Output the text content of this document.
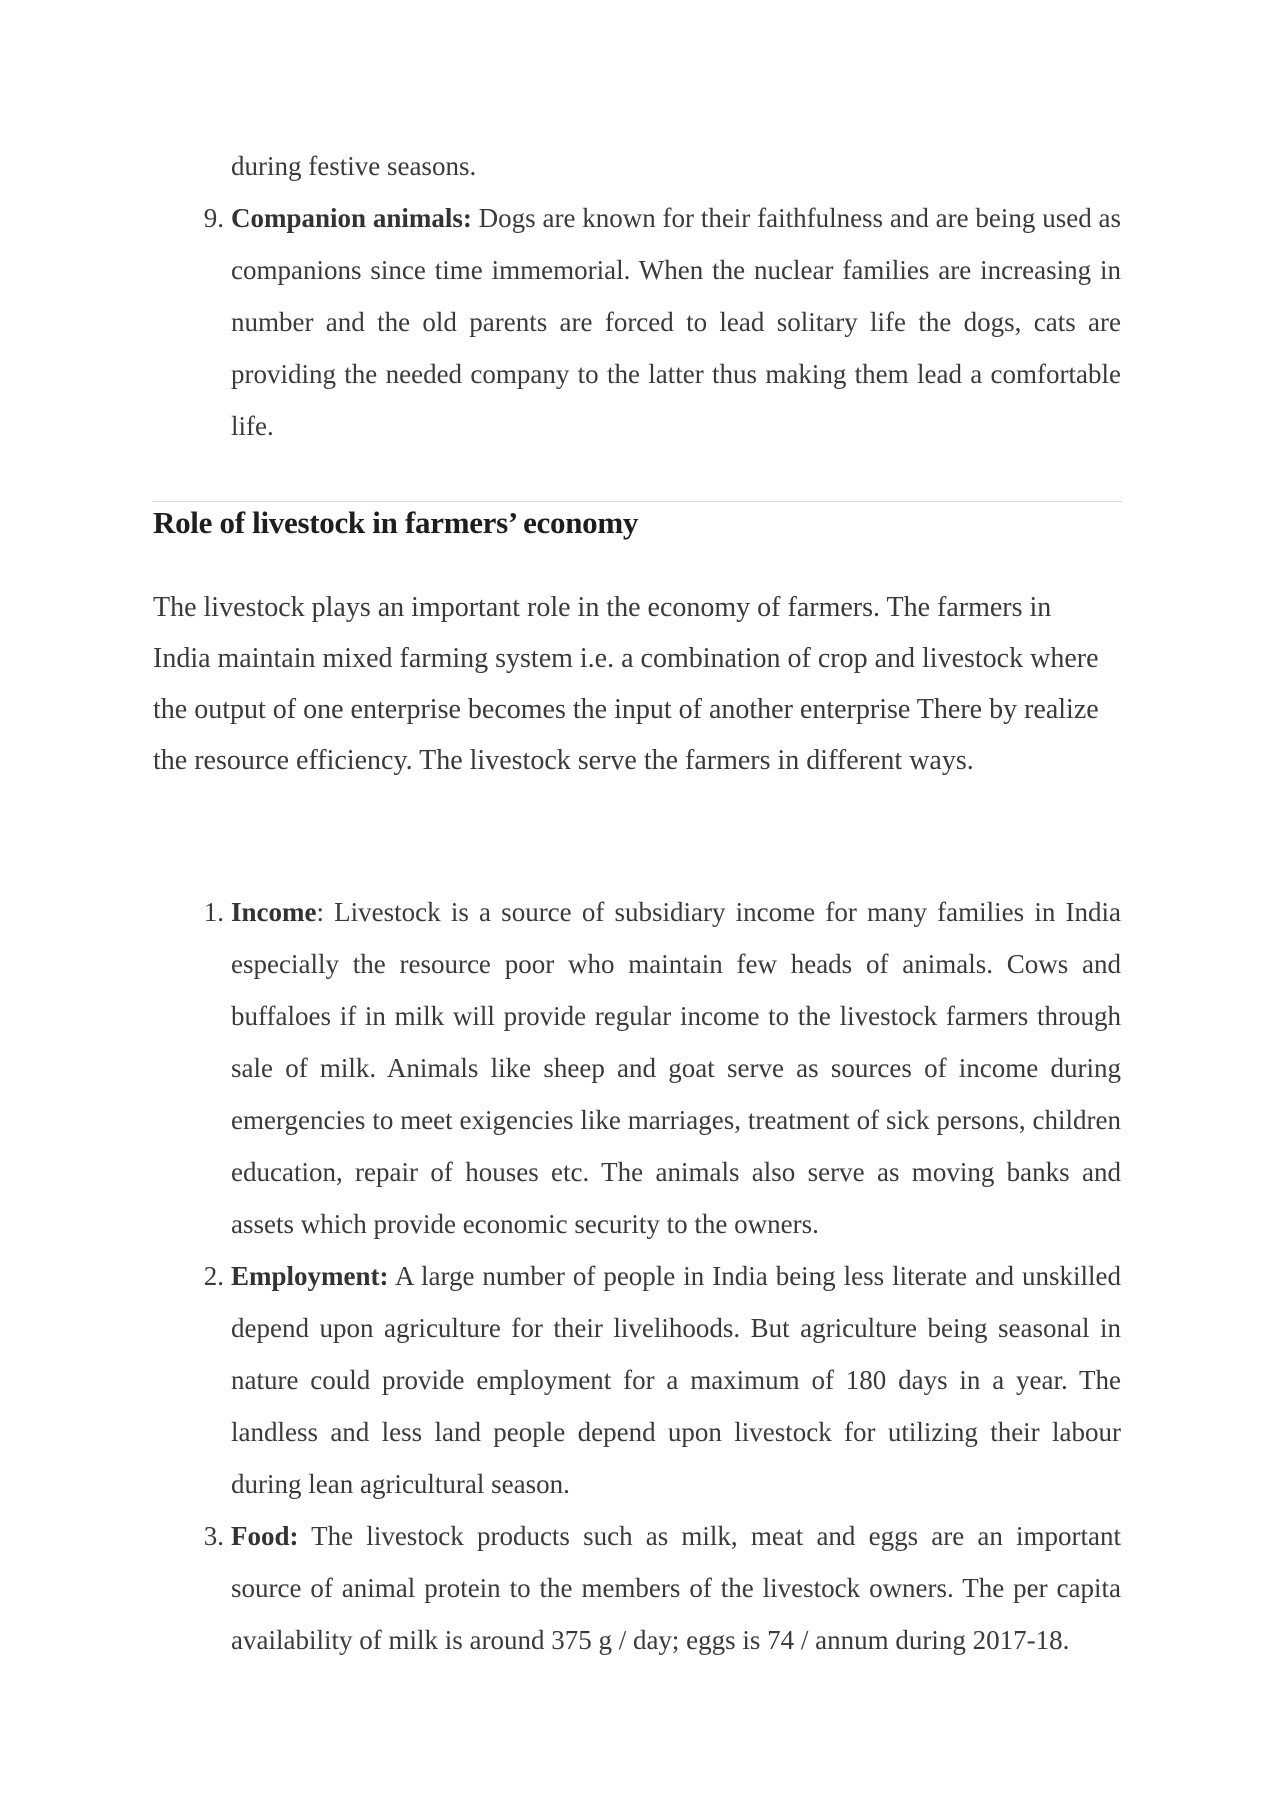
during festive seasons.

9. Companion animals: Dogs are known for their faithfulness and are being used as companions since time immemorial. When the nuclear families are increasing in number and the old parents are forced to lead solitary life the dogs, cats are providing the needed company to the latter thus making them lead a comfortable life.
Role of livestock in farmers’ economy

The livestock plays an important role in the economy of farmers. The farmers in India maintain mixed farming system i.e. a combination of crop and livestock where the output of one enterprise becomes the input of another enterprise There by realize the resource efficiency. The livestock serve the farmers in different ways.

1. Income: Livestock is a source of subsidiary income for many families in India especially the resource poor who maintain few heads of animals. Cows and buffaloes if in milk will provide regular income to the livestock farmers through sale of milk. Animals like sheep and goat serve as sources of income during emergencies to meet exigencies like marriages, treatment of sick persons, children education, repair of houses etc. The animals also serve as moving banks and assets which provide economic security to the owners.
2. Employment: A large number of people in India being less literate and unskilled depend upon agriculture for their livelihoods. But agriculture being seasonal in nature could provide employment for a maximum of 180 days in a year. The landless and less land people depend upon livestock for utilizing their labour during lean agricultural season.
3. Food: The livestock products such as milk, meat and eggs are an important source of animal protein to the members of the livestock owners. The per capita availability of milk is around 375 g / day; eggs is 74 / annum during 2017-18.
